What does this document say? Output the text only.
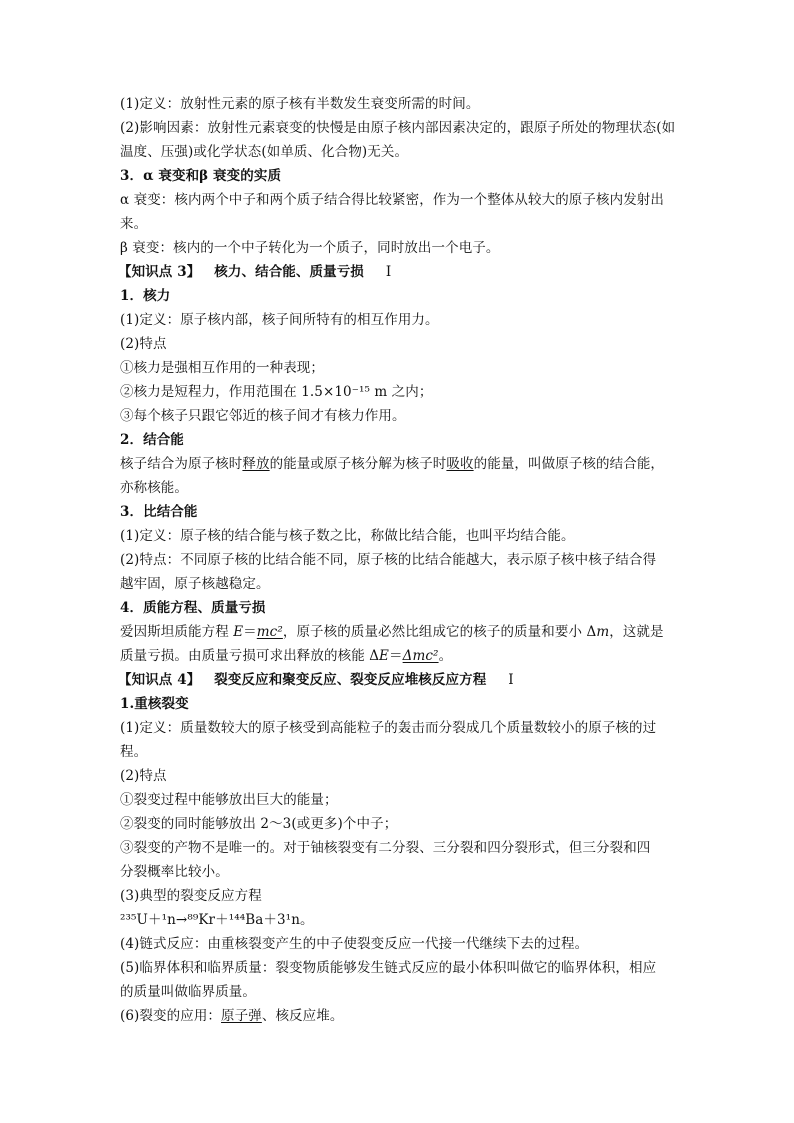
(1)定义：放射性元素的原子核有半数发生衰变所需的时间。
(2)影响因素：放射性元素衰变的快慢是由原子核内部因素决定的，跟原子所处的物理状态(如
温度、压强)或化学状态(如单质、化合物)无关。
3．α 衰变和β 衰变的实质
α 衰变：核内两个中子和两个质子结合得比较紧密，作为一个整体从较大的原子核内发射出
来。
β 衰变：核内的一个中子转化为一个质子，同时放出一个电子。
【知识点 3】 核力、结合能、质量亏损 Ⅰ
1．核力
(1)定义：原子核内部，核子间所特有的相互作用力。
(2)特点
①核力是强相互作用的一种表现；
②核力是短程力，作用范围在 1.5×10⁻¹⁵ m 之内；
③每个核子只跟它邻近的核子间才有核力作用。
2．结合能
核子结合为原子核时释放的能量或原子核分解为核子时吸收的能量，叫做原子核的结合能，
亦称核能。
3．比结合能
(1)定义：原子核的结合能与核子数之比，称做比结合能，也叫平均结合能。
(2)特点：不同原子核的比结合能不同，原子核的比结合能越大，表示原子核中核子结合得
越牢固，原子核越稳定。
4．质能方程、质量亏损
爱因斯坦质能方程 E＝mc²，原子核的质量必然比组成它的核子的质量和要小 Δm，这就是
质量亏损。由质量亏损可求出释放的核能 ΔE＝Δmc²。
【知识点 4】 裂变反应和聚变反应、裂变反应堆核反应方程 Ⅰ
1.重核裂变
(1)定义：质量数较大的原子核受到高能粒子的轰击而分裂成几个质量数较小的原子核的过
程。
(2)特点
①裂变过程中能够放出巨大的能量；
②裂变的同时能够放出 2～3(或更多)个中子；
③裂变的产物不是唯一的。对于铀核裂变有二分裂、三分裂和四分裂形式，但三分裂和四
分裂概率比较小。
(3)典型的裂变反应方程
²³⁵U＋¹n→⁸⁹Kr＋¹⁴⁴Ba＋3¹n。
(4)链式反应：由重核裂变产生的中子使裂变反应一代接一代继续下去的过程。
(5)临界体积和临界质量：裂变物质能够发生链式反应的最小体积叫做它的临界体积，相应
的质量叫做临界质量。
(6)裂变的应用：原子弹、核反应堆。
